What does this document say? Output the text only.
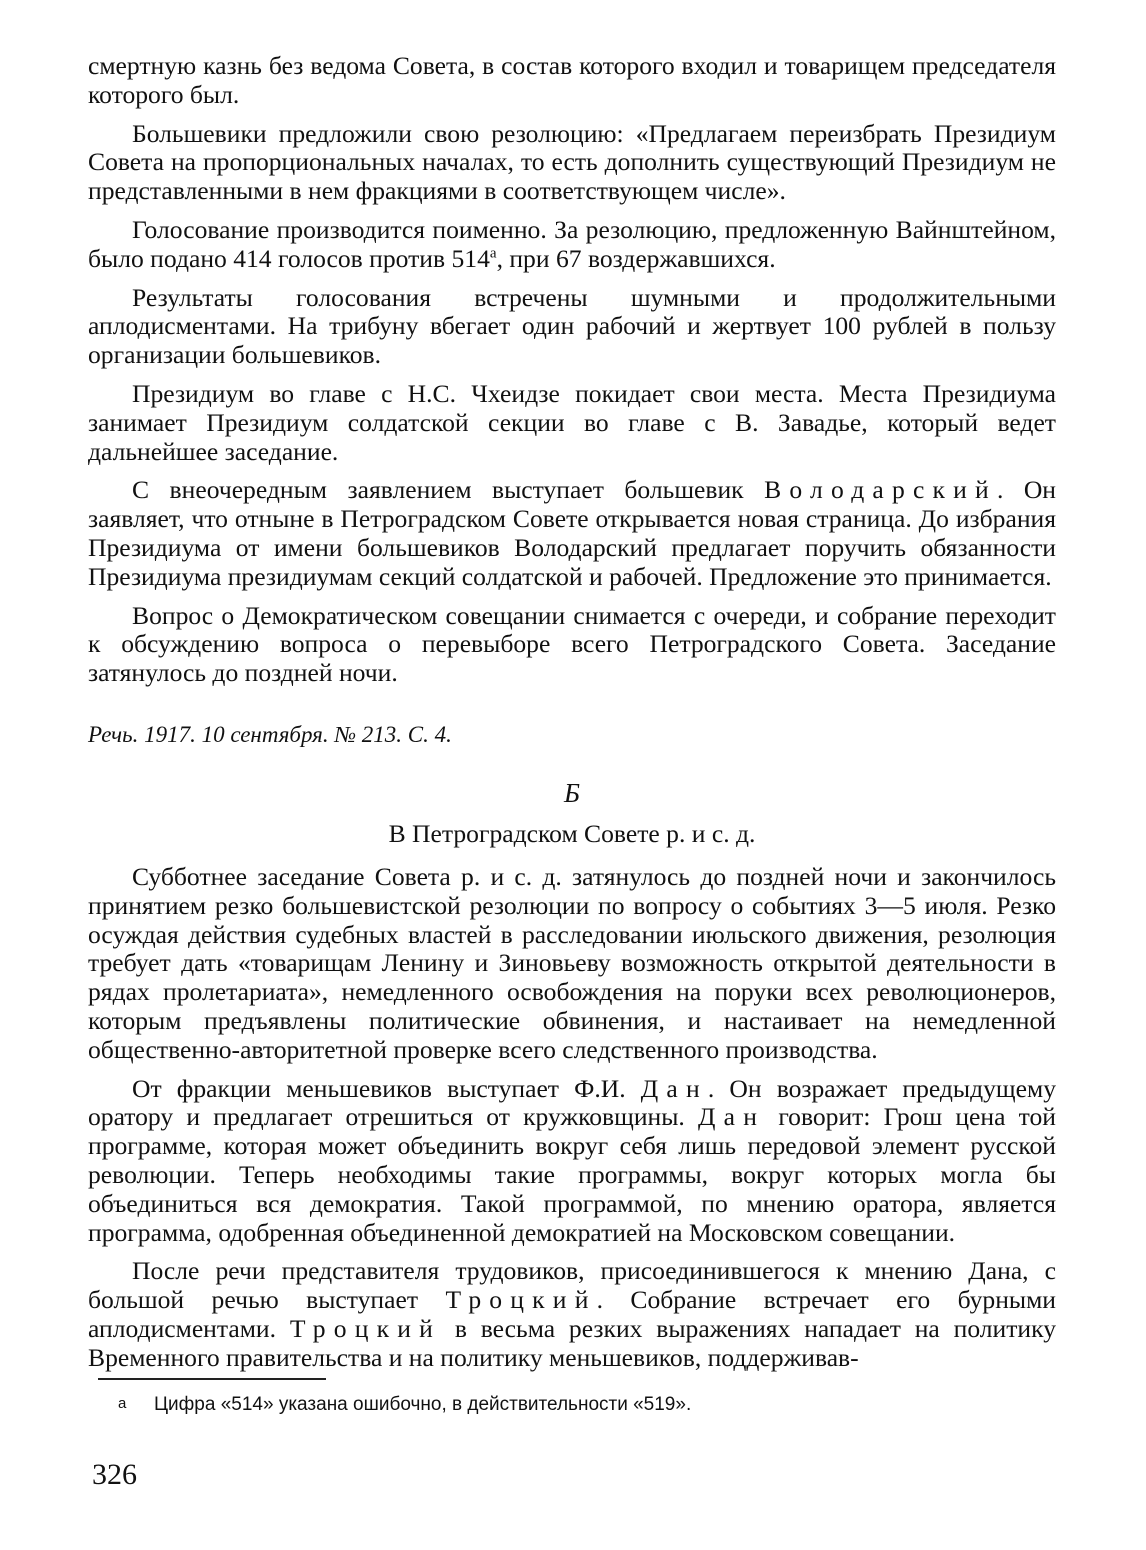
смертную казнь без ведома Совета, в состав которого входил и товарищем председателя которого был.

Большевики предложили свою резолюцию: «Предлагаем переизбрать Президиум Совета на пропорциональных началах, то есть дополнить существующий Президиум не представленными в нем фракциями в соответствующем числе».

Голосование производится поименно. За резолюцию, предложенную Вайнштейном, было подано 414 голосов против $514^а$, при 67 воздержавшихся.

Результаты голосования встречены шумными и продолжительными аплодисментами. На трибуну вбегает один рабочий и жертвует 100 рублей в пользу организации большевиков.

Президиум во главе с Н.С. Чхеидзе покидает свои места. Места Президиума занимает Президиум солдатской секции во главе с В. Завадье, который ведет дальнейшее заседание.

С внеочередным заявлением выступает большевик Володарский. Он заявляет, что отныне в Петроградском Совете открывается новая страница. До избрания Президиума от имени большевиков Володарский предлагает поручить обязанности Президиума президиумам секций солдатской и рабочей. Предложение это принимается.

Вопрос о Демократическом совещании снимается с очереди, и собрание переходит к обсуждению вопроса о перевыборе всего Петроградского Совета. Заседание затянулось до поздней ночи.

Речь. 1917. 10 сентября. № 213. С. 4.

Б

В Петроградском Совете р. и с. д.

Субботнее заседание Совета р. и с. д. затянулось до поздней ночи и закончилось принятием резко большевистской резолюции по вопросу о событиях 3—5 июля. Резко осуждая действия судебных властей в расследовании июльского движения, резолюция требует дать «товарищам Ленину и Зиновьеву возможность открытой деятельности в рядах пролетариата», немедленного освобождения на поруки всех революционеров, которым предъявлены политические обвинения, и настаивает на немедленной общественно-авторитетной проверке всего следственного производства.

От фракции меньшевиков выступает Ф.И. Дан. Он возражает предыдущему оратору и предлагает отрешиться от кружковщины. Дан говорит: Грош цена той программе, которая может объединить вокруг себя лишь передовой элемент русской революции. Теперь необходимы такие программы, вокруг которых могла бы объединиться вся демократия. Такой программой, по мнению оратора, является программа, одобренная объединенной демократией на Московском совещании.

После речи представителя трудовиков, присоединившегося к мнению Дана, с большой речью выступает Троцкий. Собрание встречает его бурными аплодисментами. Троцкий в весьма резких выражениях нападает на политику Временного правительства и на политику меньшевиков, поддерживав-

а Цифра «514» указана ошибочно, в действительности «519».
326
